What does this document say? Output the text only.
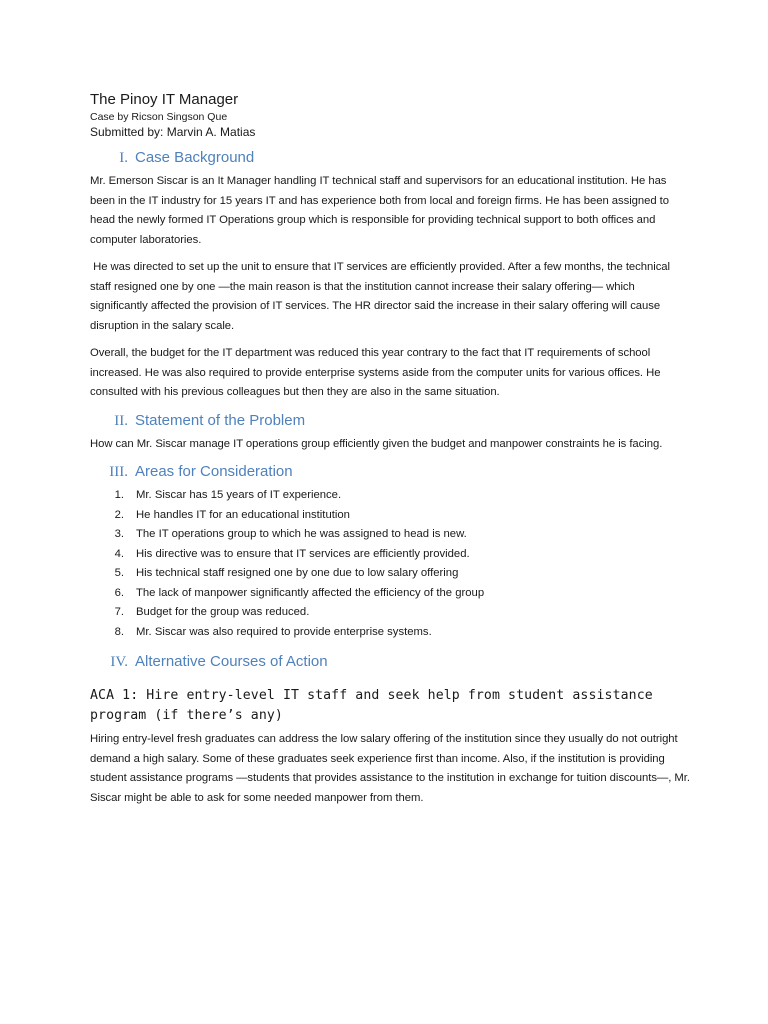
The Pinoy IT Manager

Case by Ricson Singson Que

Submitted by: Marvin A. Matias

I. Case Background

Mr. Emerson Siscar is an It Manager handling IT technical staff and supervisors for an educational institution. He has been in the IT industry for 15 years IT and has experience both from local and foreign firms. He has been assigned to head the newly formed IT Operations group which is responsible for providing technical support to both offices and computer laboratories.

He was directed to set up the unit to ensure that IT services are efficiently provided. After a few months, the technical staff resigned one by one —the main reason is that the institution cannot increase their salary offering— which significantly affected the provision of IT services. The HR director said the increase in their salary offering will cause disruption in the salary scale.

Overall, the budget for the IT department was reduced this year contrary to the fact that IT requirements of school increased. He was also required to provide enterprise systems aside from the computer units for various offices. He consulted with his previous colleagues but then they are also in the same situation.

II. Statement of the Problem

How can Mr. Siscar manage IT operations group efficiently given the budget and manpower constraints he is facing.

III. Areas for Consideration
1. Mr. Siscar has 15 years of IT experience.
2. He handles IT for an educational institution
3. The IT operations group to which he was assigned to head is new.
4. His directive was to ensure that IT services are efficiently provided.
5. His technical staff resigned one by one due to low salary offering
6. The lack of manpower significantly affected the efficiency of the group
7. Budget for the group was reduced.
8. Mr. Siscar was also required to provide enterprise systems.
IV. Alternative Courses of Action
ACA 1: Hire entry-level IT staff and seek help from student assistance program (if there’s any)

Hiring entry-level fresh graduates can address the low salary offering of the institution since they usually do not outright demand a high salary. Some of these graduates seek experience first than income. Also, if the institution is providing student assistance programs —students that provides assistance to the institution in exchange for tuition discounts—, Mr. Siscar might be able to ask for some needed manpower from them.
